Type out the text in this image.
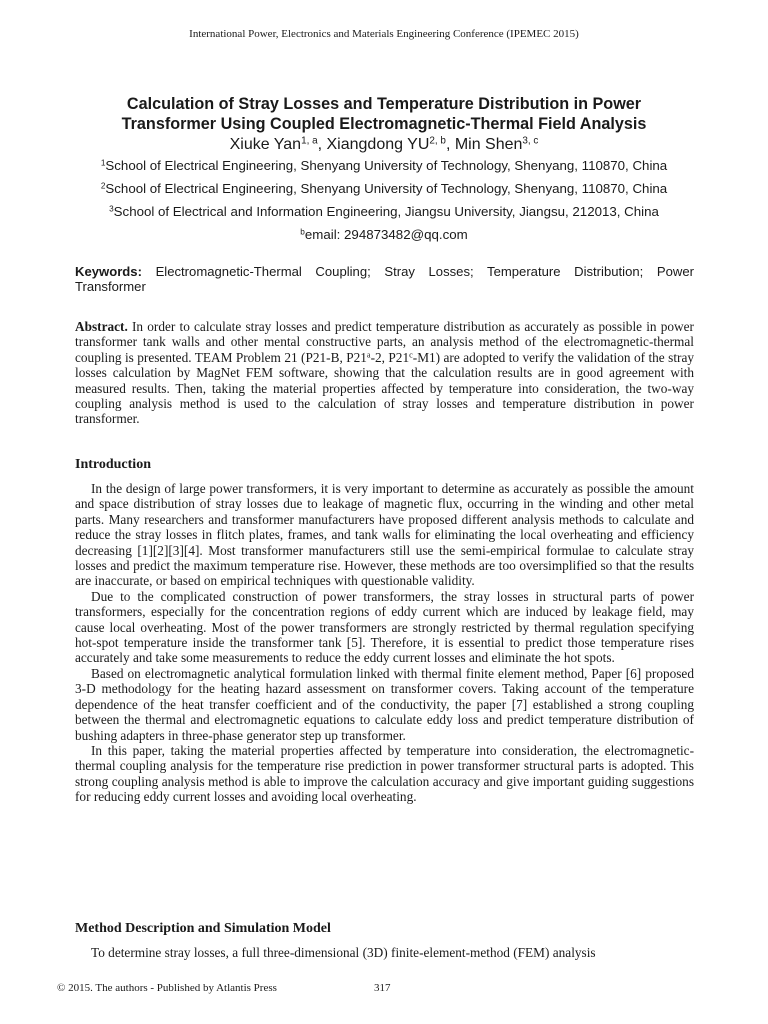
International Power, Electronics and Materials Engineering Conference (IPEMEC 2015)
Calculation of Stray Losses and Temperature Distribution in Power
Transformer Using Coupled Electromagnetic-Thermal Field Analysis
Xiuke Yan$^{1, a}$, Xiangdong YU$^{2, b}$, Min Shen$^{3, c}$
$^1$School of Electrical Engineering, Shenyang University of Technology, Shenyang, 110870, China
$^2$School of Electrical Engineering, Shenyang University of Technology, Shenyang, 110870, China
$^3$School of Electrical and Information Engineering, Jiangsu University, Jiangsu, 212013, China
$^b$email: 294873482@qq.com
Keywords: Electromagnetic-Thermal Coupling; Stray Losses; Temperature Distribution; Power Transformer
Abstract. In order to calculate stray losses and predict temperature distribution as accurately as possible in power transformer tank walls and other mental constructive parts, an analysis method of the electromagnetic-thermal coupling is presented. TEAM Problem 21 (P21-B, P21$^a$-2, P21$^c$-M1) are adopted to verify the validation of the stray losses calculation by MagNet FEM software, showing that the calculation results are in good agreement with measured results. Then, taking the material properties affected by temperature into consideration, the two-way coupling analysis method is used to the calculation of stray losses and temperature distribution in power transformer.
Introduction

In the design of large power transformers, it is very important to determine as accurately as possible the amount and space distribution of stray losses due to leakage of magnetic flux, occurring in the winding and other metal parts. Many researchers and transformer manufacturers have proposed different analysis methods to calculate and reduce the stray losses in flitch plates, frames, and tank walls for eliminating the local overheating and efficiency decreasing [1][2][3][4]. Most transformer manufacturers still use the semi-empirical formulae to calculate stray losses and predict the maximum temperature rise. However, these methods are too oversimplified so that the results are inaccurate, or based on empirical techniques with questionable validity.

Due to the complicated construction of power transformers, the stray losses in structural parts of power transformers, especially for the concentration regions of eddy current which are induced by leakage field, may cause local overheating. Most of the power transformers are strongly restricted by thermal regulation specifying hot-spot temperature inside the transformer tank [5]. Therefore, it is essential to predict those temperature rises accurately and take some measurements to reduce the eddy current losses and eliminate the hot spots.

Based on electromagnetic analytical formulation linked with thermal finite element method, Paper [6] proposed 3-D methodology for the heating hazard assessment on transformer covers. Taking account of the temperature dependence of the heat transfer coefficient and of the conductivity, the paper [7] established a strong coupling between the thermal and electromagnetic equations to calculate eddy loss and predict temperature distribution of bushing adapters in three-phase generator step up transformer.

In this paper, taking the material properties affected by temperature into consideration, the electromagnetic-thermal coupling analysis for the temperature rise prediction in power transformer structural parts is adopted. This strong coupling analysis method is able to improve the calculation accuracy and give important guiding suggestions for reducing eddy current losses and avoiding local overheating.

Method Description and Simulation Model
To determine stray losses, a full three-dimensional (3D) finite-element-method (FEM) analysis
© 2015. The authors - Published by Atlantis Press	317
